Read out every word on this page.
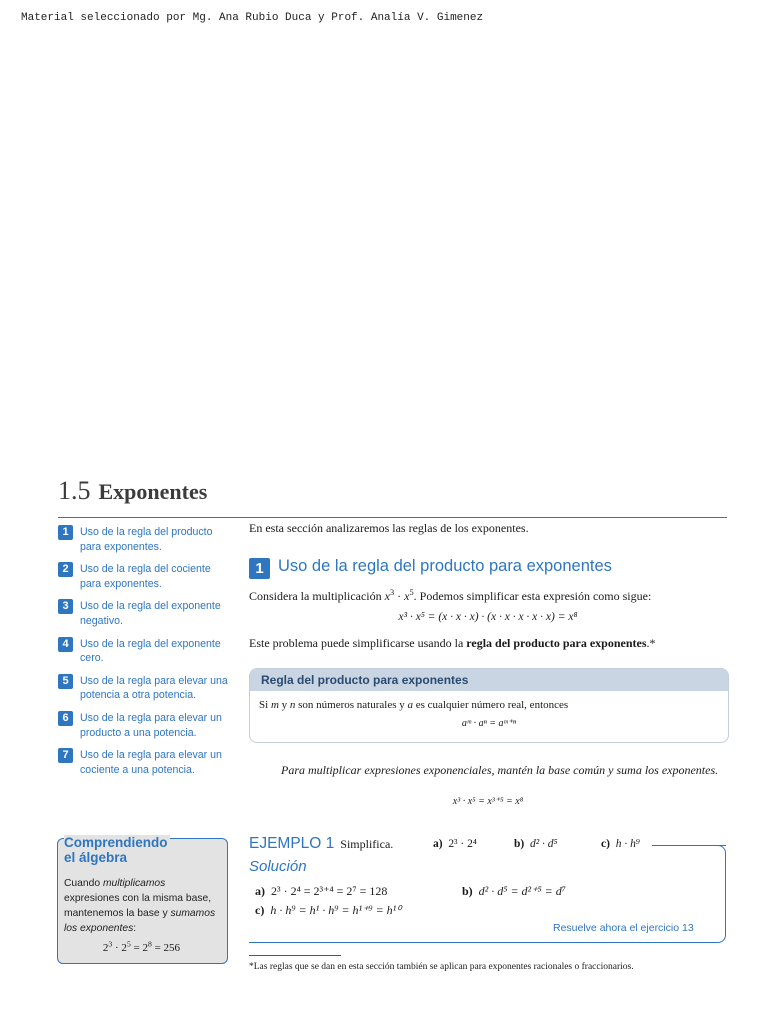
Material seleccionado por Mg. Ana Rubio Duca y Prof. Analía V. Gimenez
1.5 Exponentes
1	Uso de la regla del producto para exponentes.
2	Uso de la regla del cociente para exponentes.
3	Uso de la regla del exponente negativo.
4	Uso de la regla del exponente cero.
5	Uso de la regla para elevar una potencia a otra potencia.
6	Uso de la regla para elevar un producto a una potencia.
7	Uso de la regla para elevar un cociente a una potencia.
Comprendiendo
el álgebra
Cuando multiplicamos expresiones con la misma base, mantenemos la base y sumamos los exponentes:
$2^3 \cdot 2^5 = 2^8 = 256$
En esta sección analizaremos las reglas de los exponentes.
1 Uso de la regla del producto para exponentes
Considera la multiplicación $x^3 \cdot x^5$. Podemos simplificar esta expresión como sigue:
x³ · x⁵ = (x · x · x) · (x · x · x · x · x) = x⁸
Este problema puede simplificarse usando la regla del producto para exponentes.*
Regla del producto para exponentes
Si m y n son números naturales y a es cualquier número real, entonces
aᵐ · aⁿ = aᵐ⁺ⁿ
Para multiplicar expresiones exponenciales, mantén la base común y suma los exponentes.
x³ · x⁵ = x³⁺⁵ = x⁸
EJEMPLO 1 Simplifica.	a) 2³ · 2⁴	b) d² · d⁵	c) h · h⁹
Solución
a) 2³ · 2⁴ = 2³⁺⁴ = 2⁷ = 128	b) d² · d⁵ = d²⁺⁵ = d⁷
c) h · h⁹ = h¹ · h⁹ = h¹⁺⁹ = h¹⁰
Resuelve ahora el ejercicio 13
*Las reglas que se dan en esta sección también se aplican para exponentes racionales o fraccionarios.
